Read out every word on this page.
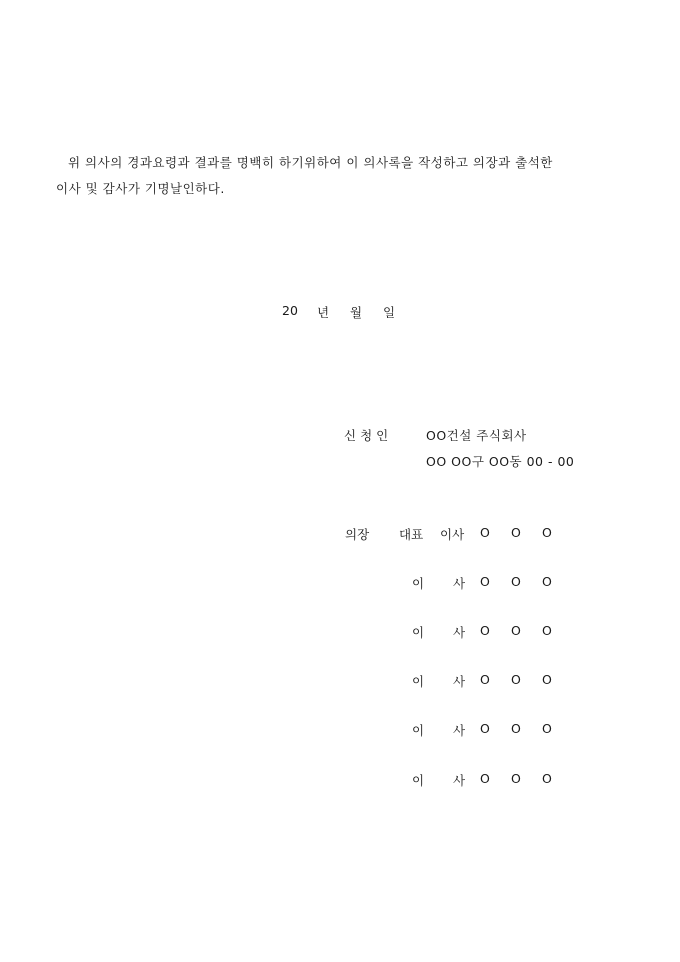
위 의사의 경과요령과 결과를 명백히 하기위하여 이 의사록을 작성하고 의장과 출석한
이사 및 감사가 기명날인하다.
20 년 월 일
신청인	OO건설 주식회사
OO OO구 OO동 00 - 00
의장 대표 이사 O O O
이 사 O O O
이 사 O O O
이 사 O O O
이 사 O O O
이 사 O O O
